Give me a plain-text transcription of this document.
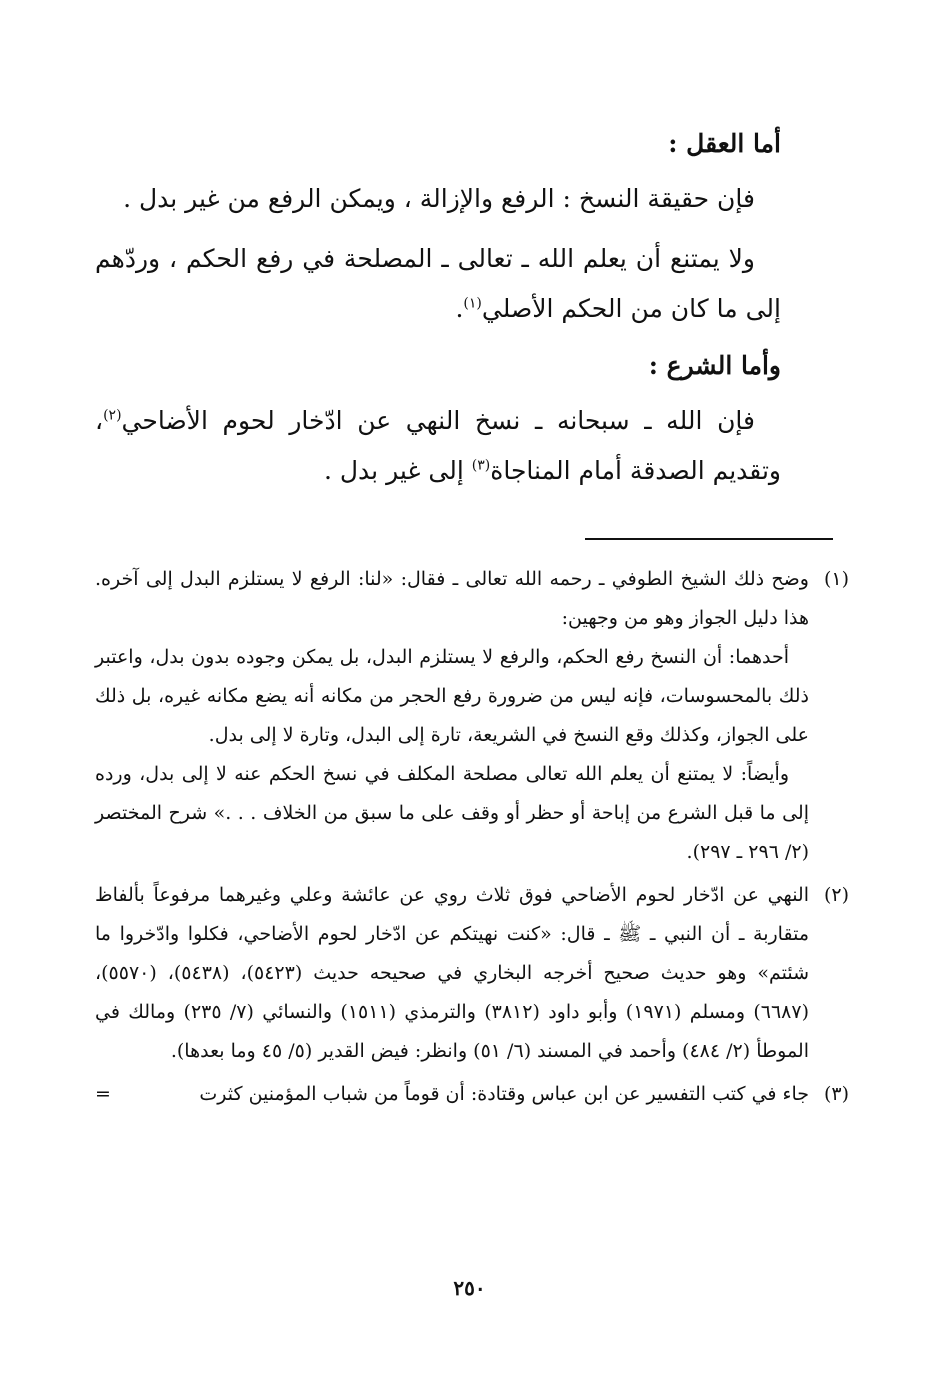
أما العقل :

فإن حقيقة النسخ : الرفع والإزالة ، ويمكن الرفع من غير بدل .

ولا يمتنع أن يعلم الله ـ تعالى ـ المصلحة في رفع الحكم ، وردّهم إلى ما كان من الحكم الأصلي$^{(١)}$.

وأما الشرع :

فإن الله ـ سبحانه ـ نسخ النهي عن ادّخار لحوم الأضاحي$^{(٢)}$، وتقديم الصدقة أمام المناجاة$^{(٣)}$ إلى غير بدل .

(١)

وضح ذلك الشيخ الطوفي ـ رحمه الله تعالى ـ فقال: «لنا: الرفع لا يستلزم البدل إلى آخره. هذا دليل الجواز وهو من وجهين:

أحدهما: أن النسخ رفع الحكم، والرفع لا يستلزم البدل، بل يمكن وجوده بدون بدل، واعتبر ذلك بالمحسوسات، فإنه ليس من ضرورة رفع الحجر من مكانه أنه يضع مكانه غيره، بل ذلك على الجواز، وكذلك وقع النسخ في الشريعة، تارة إلى البدل، وتارة لا إلى بدل.

وأيضاً: لا يمتنع أن يعلم الله تعالى مصلحة المكلف في نسخ الحكم عنه لا إلى بدل، ورده إلى ما قبل الشرع من إباحة أو حظر أو وقف على ما سبق من الخلاف . . .» شرح المختصر (٢/ ٢٩٦ ـ ٢٩٧).

(٢)

النهي عن ادّخار لحوم الأضاحي فوق ثلاث روي عن عائشة وعلي وغيرهما مرفوعاً بألفاظ متقاربة ـ أن النبي ـ ﷺ ـ قال: «كنت نهيتكم عن ادّخار لحوم الأضاحي، فكلوا وادّخروا ما شئتم» وهو حديث صحيح أخرجه البخاري في صحيحه حديث (٥٤٢٣)، (٥٤٣٨)، (٥٥٧٠)، (٦٦٨٧) ومسلم (١٩٧١) وأبو داود (٣٨١٢) والترمذي (١٥١١) والنسائي (٧/ ٢٣٥) ومالك في الموطأ (٢/ ٤٨٤) وأحمد في المسند (٦/ ٥١) وانظر: فيض القدير (٥/ ٤٥ وما بعدها).

(٣)

جاء في كتب التفسير عن ابن عباس وقتادة: أن قوماً من شباب المؤمنين كثرت

=
٢٥٠
